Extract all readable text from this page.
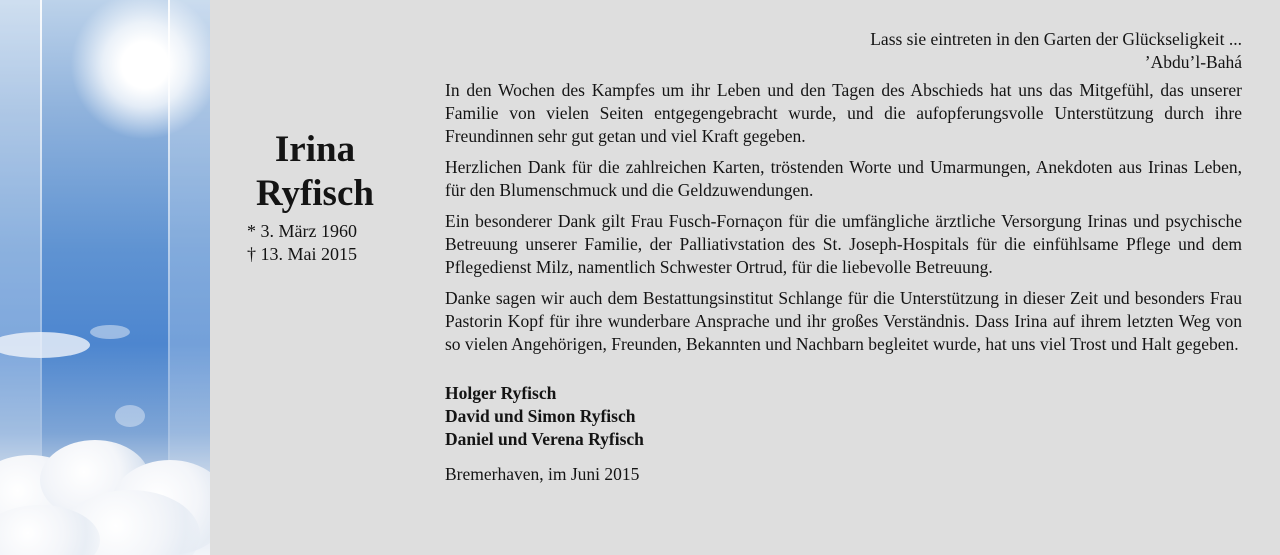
Irina
Ryfisch
* 3. März 1960
† 13. Mai 2015
Lass sie eintreten in den Garten der Glückseligkeit ...
’Abdu’l-Bahá

In den Wochen des Kampfes um ihr Leben und den Tagen des Abschieds hat uns das Mitgefühl, das unserer Familie von vielen Seiten entgegengebracht wurde, und die aufopferungsvolle Unterstützung durch ihre Freundinnen sehr gut getan und viel Kraft gegeben.

Herzlichen Dank für die zahlreichen Karten, tröstenden Worte und Umarmungen, Anekdoten aus Irinas Leben, für den Blumenschmuck und die Geldzuwendungen.

Ein besonderer Dank gilt Frau Fusch-Fornaçon für die umfängliche ärztliche Versorgung Irinas und psychische Betreuung unserer Familie, der Palliativstation des St. Joseph-Hospitals für die einfühlsame Pflege und dem Pflegedienst Milz, namentlich Schwester Ortrud, für die liebevolle Betreuung.

Danke sagen wir auch dem Bestattungsinstitut Schlange für die Unterstützung in dieser Zeit und besonders Frau Pastorin Kopf für ihre wunderbare Ansprache und ihr großes Verständnis. Dass Irina auf ihrem letzten Weg von so vielen Angehörigen, Freunden, Bekannten und Nachbarn begleitet wurde, hat uns viel Trost und Halt gegeben.

Holger Ryfisch
David und Simon Ryfisch
Daniel und Verena Ryfisch
Bremerhaven, im Juni 2015
